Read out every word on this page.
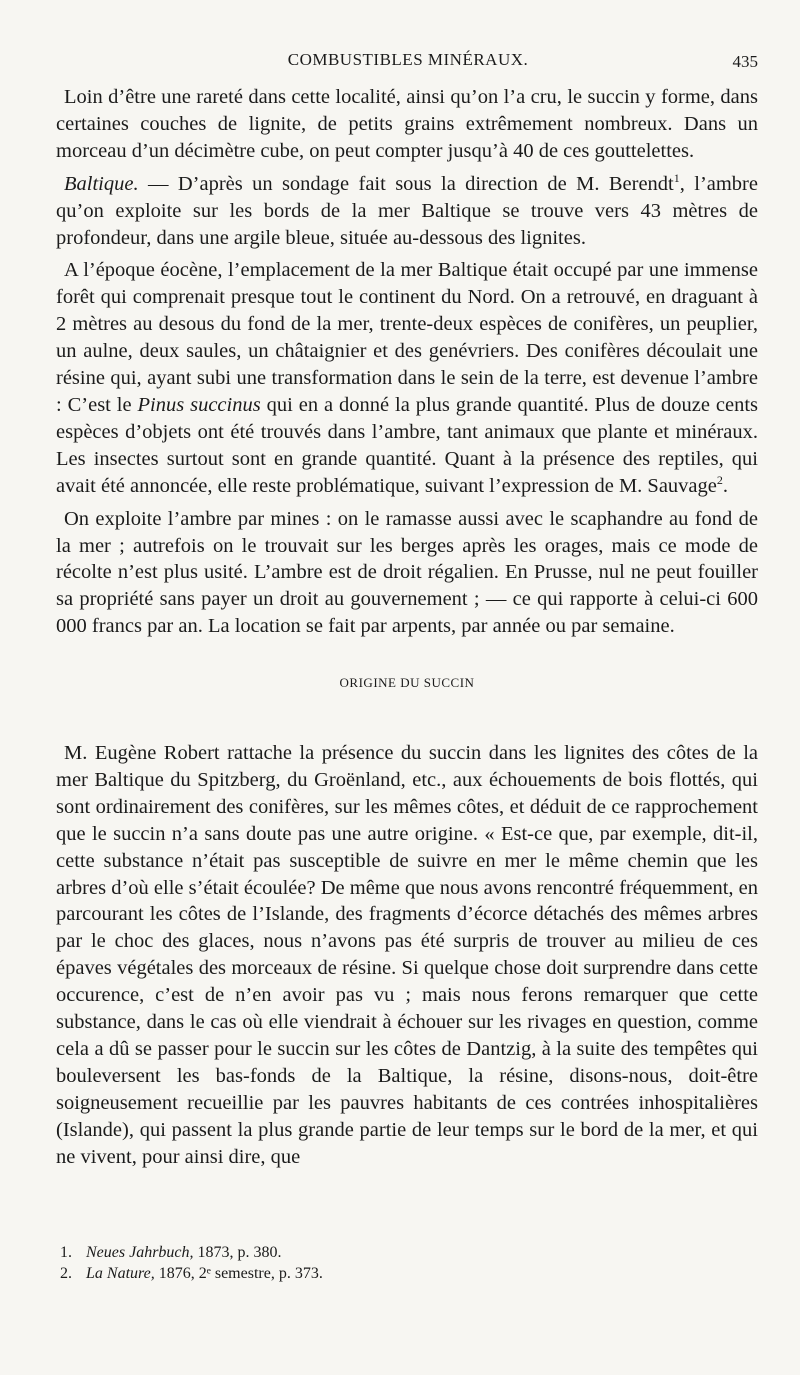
COMBUSTIBLES MINÉRAUX.	435

Loin d’être une rareté dans cette localité, ainsi qu’on l’a cru, le succin y forme, dans certaines couches de lignite, de petits grains extrêmement nombreux. Dans un morceau d’un décimètre cube, on peut compter jusqu’à 40 de ces gouttelettes.

Baltique. — D’après un sondage fait sous la direction de M. Berendt$^1$, l’ambre qu’on exploite sur les bords de la mer Baltique se trouve vers 43 mètres de profondeur, dans une argile bleue, située au-dessous des lignites.

A l’époque éocène, l’emplacement de la mer Baltique était occupé par une immense forêt qui comprenait presque tout le continent du Nord. On a retrouvé, en draguant à 2 mètres au desous du fond de la mer, trente-deux espèces de conifères, un peuplier, un aulne, deux saules, un châtaignier et des genévriers. Des conifères découlait une résine qui, ayant subi une transformation dans le sein de la terre, est devenue l’ambre : C’est le Pinus succinus qui en a donné la plus grande quantité. Plus de douze cents espèces d’objets ont été trouvés dans l’ambre, tant animaux que plante et minéraux. Les insectes surtout sont en grande quantité. Quant à la présence des reptiles, qui avait été annoncée, elle reste problématique, suivant l’expression de M. Sauvage$^2$.

On exploite l’ambre par mines : on le ramasse aussi avec le scaphandre au fond de la mer ; autrefois on le trouvait sur les berges après les orages, mais ce mode de récolte n’est plus usité. L’ambre est de droit régalien. En Prusse, nul ne peut fouiller sa propriété sans payer un droit au gouvernement ; — ce qui rapporte à celui-ci 600 000 francs par an. La location se fait par arpents, par année ou par semaine.

ORIGINE DU SUCCIN

M. Eugène Robert rattache la présence du succin dans les lignites des côtes de la mer Baltique du Spitzberg, du Groënland, etc., aux échouements de bois flottés, qui sont ordinairement des conifères, sur les mêmes côtes, et déduit de ce rapprochement que le succin n’a sans doute pas une autre origine. « Est-ce que, par exemple, dit-il, cette substance n’était pas susceptible de suivre en mer le même chemin que les arbres d’où elle s’était écoulée? De même que nous avons rencontré fréquemment, en parcourant les côtes de l’Islande, des fragments d’écorce détachés des mêmes arbres par le choc des glaces, nous n’avons pas été surpris de trouver au milieu de ces épaves végétales des morceaux de résine. Si quelque chose doit surprendre dans cette occurence, c’est de n’en avoir pas vu ; mais nous ferons remarquer que cette substance, dans le cas où elle viendrait à échouer sur les rivages en question, comme cela a dû se passer pour le succin sur les côtes de Dantzig, à la suite des tempêtes qui bouleversent les bas-fonds de la Baltique, la résine, disons-nous, doit-être soigneusement recueillie par les pauvres habitants de ces contrées inhospitalières (Islande), qui passent la plus grande partie de leur temps sur le bord de la mer, et qui ne vivent, pour ainsi dire, que

1. Neues Jahrbuch, 1873, p. 380.
2. La Nature, 1876, 2ᵉ semestre, p. 373.
